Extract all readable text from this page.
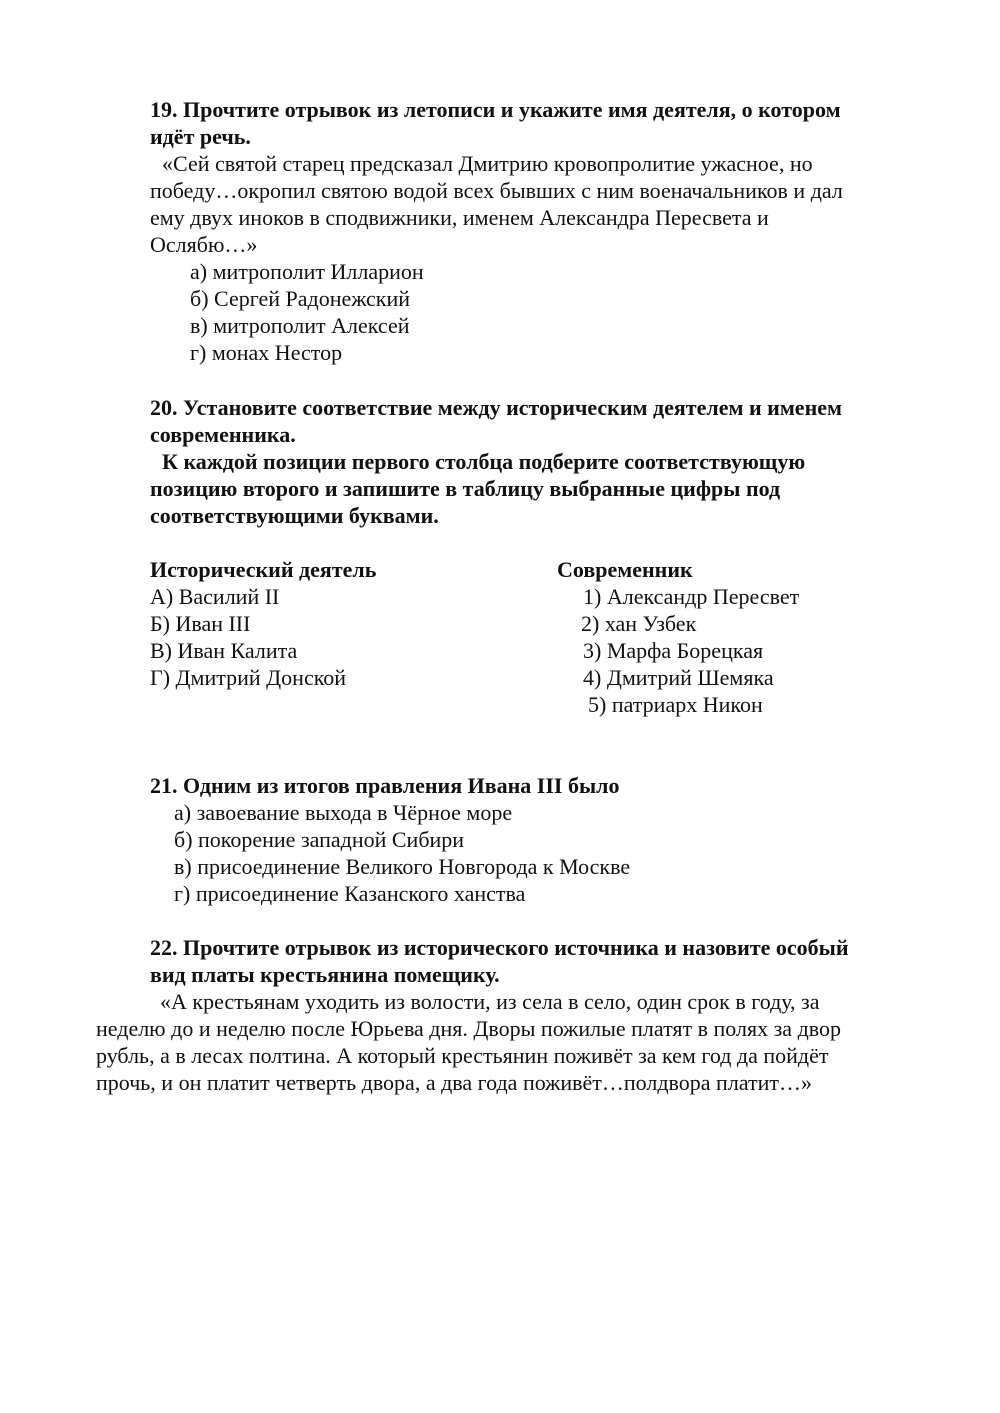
19. Прочтите отрывок из летописи и укажите имя деятеля, о котором
идёт речь.
«Сей святой старец предсказал Дмитрию кровопролитие ужасное, но
победу…окропил святою водой всех бывших с ним военачальников и дал
ему двух иноков в сподвижники, именем Александра Пересвета и
Ослябю…»
а) митрополит Илларион
б) Сергей Радонежский
в) митрополит Алексей
г) монах Нестор
20. Установите соответствие между историческим деятелем и именем
современника.
К каждой позиции первого столбца подберите соответствующую
позицию второго и запишите в таблицу выбранные цифры под
соответствующими буквами.
Исторический деятель	Современник
А) Василий II
Б) Иван III
В) Иван Калита
Г) Дмитрий Донской
1) Александр Пересвет
2) хан Узбек
3) Марфа Борецкая
4) Дмитрий Шемяка
5) патриарх Никон
21. Одним из итогов правления Ивана III было
а) завоевание выхода в Чёрное море
б) покорение западной Сибири
в) присоединение Великого Новгорода к Москве
г) присоединение Казанского ханства
22. Прочтите отрывок из исторического источника и назовите особый
вид платы крестьянина помещику.
«А крестьянам уходить из волости, из села в село, один срок в году, за
неделю до и неделю после Юрьева дня. Дворы пожилые платят в полях за двор
рубль, а в лесах полтина. А который крестьянин поживёт за кем год да пойдёт
прочь, и он платит четверть двора, а два года поживёт…полдвора платит…»
